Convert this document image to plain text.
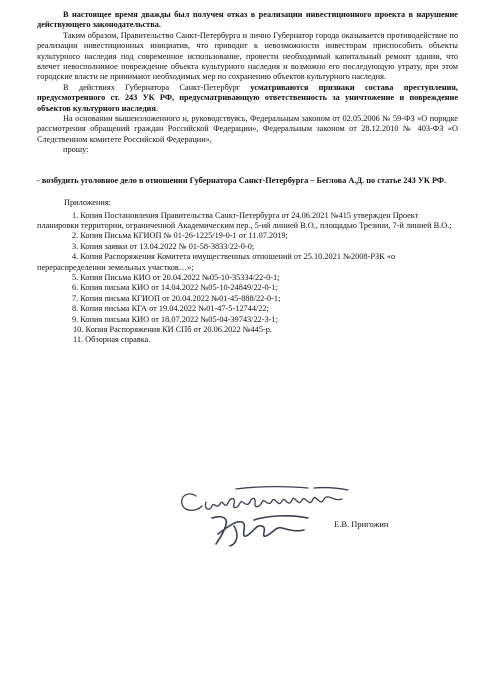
В настоящее время дважды был получен отказ в реализации инвестиционного проекта в нарушение действующего законодательства.

Таким образом, Правительство Санкт-Петербурга и лично Губернатор города оказывается противодействие по реализации инвестиционных инициатив, что приводит к невозможности инвесторам приспособить объекты культурного наследия под современное использование, провести необходимый капитальный ремонт здании, что влечет невосполнимое повреждение объекта культурного наследия и возможно его последующую утрату, при этом городские власти не принимают необходимых мер по сохранению объектов культурного наследия.

В действиях Губернатора Санкт-Петербург усматриваются признаки состава преступления, предусмотренного ст. 243 УК РФ, предусматривающую ответственность за уничтожение и повреждение объектов культурного наследия.

На основании вышеизложенного и, руководствуясь, Федеральным законом от 02.05.2006 № 59-ФЗ «О порядке рассмотрения обращений граждан Российской Федерации», Федеральным законом от 28.12.2010 № 403-ФЗ «О Следственном комитете Российской Федерации»,

прошу:

- возбудить уголовное дело в отношении Губернатора Санкт-Петербурга – Беглова А.Д. по статье 243 УК РФ.

Приложения:
1. Копия Постановления Правительства Санкт-Петербурга от 24.06.2021 №415 утвержден Проект планировки территории, ограниченной Академическим пер., 5-ий линией В.О., площадью Трезини, 7-й линией В.О.;
2. Копия Письма КГИОП № 01-26-1225/19-0-1 от 11.07.2019;
3. Копия заявки от 13.04.2022 № 01-58-3833/22-0-0;
4. Копия Распоряжения Комитета имущественных отношений от 25.10.2021 №2008-РЗК «о перераспределении земельных участков…»;
5. Копия Письма КИО от 20.04.2022 №05-10-35334/22-0-1;
6. Копия письма КИО от 14.04.2022 №05-10-24849/22-0-1;
7. Копия письма КГИОП от 20.04.2022 №01-45-888/22-0-1;
8. Копия письма КГА от 19.04.2022 №01-47-5-12744/22;
9. Копия письма КИО от 18.07.2022 №05-04-39743/22-3-1;
10. Копия Распоряжения КИ СПб от 20.06.2022 №445-р.
11. Обзорная справка.
Е.В. Пригожин
